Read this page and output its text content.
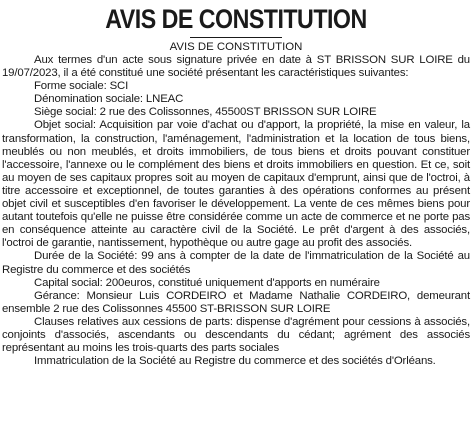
AVIS DE CONSTITUTION
AVIS DE CONSTITUTION

Aux termes d'un acte sous signature privée en date à ST BRISSON SUR LOIRE du 19/07/2023, il a été constitué une société présentant les caractéristiques suivantes:

Forme sociale: SCI

Dénomination sociale: LNEAC

Siège social: 2 rue des Colissonnes, 45500ST BRISSON SUR LOIRE

Objet social: Acquisition par voie d'achat ou d'apport, la propriété, la mise en valeur, la transformation, la construction, l'aménagement, l'administration et la location de tous biens, meublés ou non meublés, et droits immobiliers, de tous biens et droits pouvant constituer l'accessoire, l'annexe ou le complément des biens et droits immobiliers en question. Et ce, soit au moyen de ses capitaux propres soit au moyen de capitaux d'emprunt, ainsi que de l'octroi, à titre accessoire et exceptionnel, de toutes garanties à des opérations conformes au présent objet civil et susceptibles d'en favoriser le développement. La vente de ces mêmes biens pour autant toutefois qu'elle ne puisse être considérée comme un acte de commerce et ne porte pas en conséquence atteinte au caractère civil de la Société. Le prêt d'argent à des associés, l'octroi de garantie, nantissement, hypothèque ou autre gage au profit des associés.

Durée de la Société: 99 ans à compter de la date de l'immatriculation de la Société au Registre du commerce et des sociétés

Capital social: 200euros, constitué uniquement d'apports en numéraire

Gérance: Monsieur Luis CORDEIRO et Madame Nathalie CORDEIRO, demeurant ensemble 2 rue des Colissonnes 45500 ST-BRISSON SUR LOIRE

Clauses relatives aux cessions de parts: dispense d'agrément pour cessions à associés, conjoints d'associés, ascendants ou descendants du cédant; agrément des associés représentant au moins les trois-quarts des parts sociales

Immatriculation de la Société au Registre du commerce et des sociétés d'Orléans.
